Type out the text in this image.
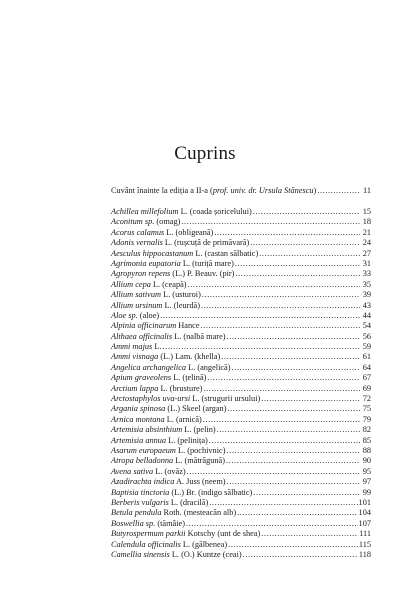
Cuprins
Cuvânt înainte la ediția a II-a (prof. univ. dr. Ursula Stănescu) .....	11
Achillea millefolium L. (coada șoricelului) .....	15
Aconitum sp. (omag) .....	18
Acorus calamus L. (obligeană) .....	21
Adonis vernalis L. (rușcuță de primăvară) .....	24
Aesculus hippocastanum L. (castan sălbatic) .....	27
Agrimonia eupatoria L. (turiță mare) .....	31
Agropyron repens (L.) P. Beauv. (pir) .....	33
Allium cepa L. (ceapă) .....	35
Allium sativum L. (usturoi) .....	39
Allium ursinum L. (leurdă) .....	43
Aloe sp. (aloe) .....	44
Alpinia officinarum Hance .....	54
Althaea officinalis L. (nalbă mare) .....	56
Ammi majus L. .....	59
Ammi visnaga (L.) Lam. (khella) .....	61
Angelica archangelica L. (angelică) .....	64
Apium graveolens L. (țelină) .....	67
Arctium lappa L. (brusture) .....	69
Arctostaphylos uva-ursi L. (strugurii ursului) .....	72
Argania spinosa (L.) Skeel (argan) .....	75
Arnica montana L. (arnică) .....	79
Artemisia absinthium L. (pelin) .....	82
Artemisia annua L. (pelinița) .....	85
Asarum europaeum L. (pochivnic) .....	88
Atropa belladonna L. (mătrăgună) .....	90
Avena sativa L. (ovăz) .....	95
Azadirachta indica A. Juss (neem) .....	97
Baptisia tinctoria (L.) Br. (indigo sălbatic) .....	99
Berberis vulgaris L. (dracilă) .....	101
Betula pendula Roth. (mesteacăn alb) .....	104
Boswellia sp. (tămâie) .....	107
Butyrospermum parkii Kotschy (unt de shea) .....	111
Calendula officinalis L. (gălbenea) .....	115
Camellia sinensis L. (O.) Kuntze (ceai) .....	118
